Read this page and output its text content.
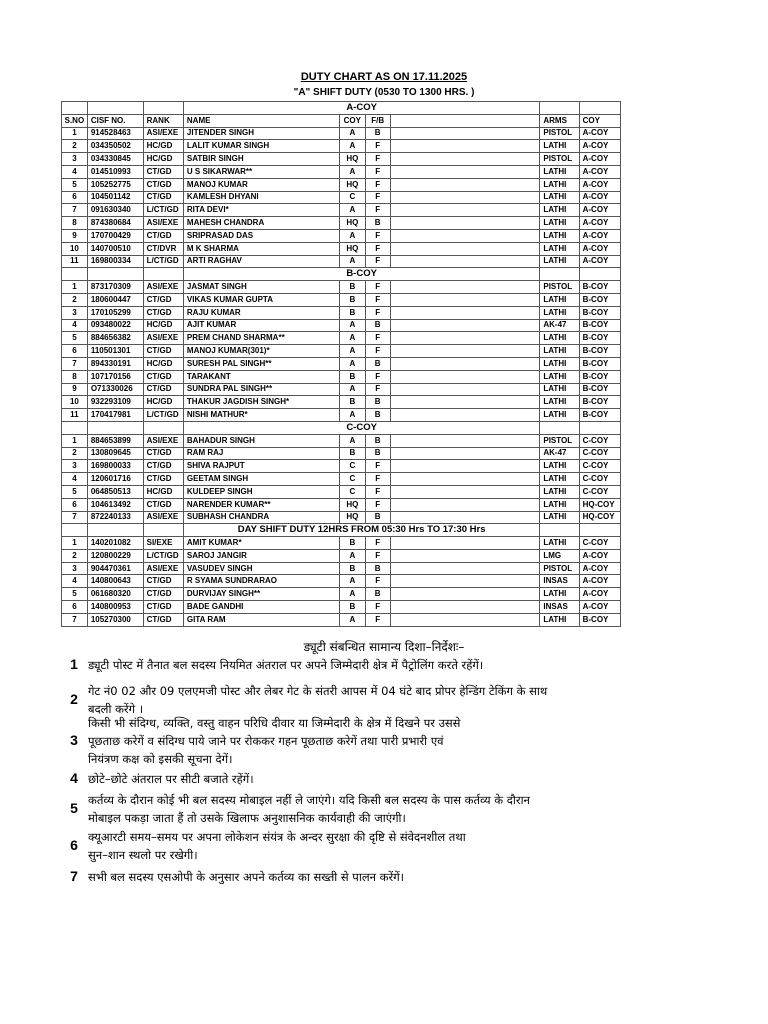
DUTY CHART AS ON 17.11.2025
"A" SHIFT DUTY (0530 TO 1300 HRS. )
			A-COY					
S.NO	CISF NO.	RANK	NAME	COY	F/B		ARMS	COY
1	914528463	ASI/EXE	JITENDER SINGH	A	B		PISTOL	A-COY
2	034350502	HC/GD	LALIT KUMAR SINGH	A	F		LATHI	A-COY
3	034330845	HC/GD	SATBIR SINGH	HQ	F		PISTOL	A-COY
4	014510993	CT/GD	U S SIKARWAR**	A	F		LATHI	A-COY
5	105252775	CT/GD	MANOJ KUMAR	HQ	F		LATHI	A-COY
6	104501142	CT/GD	KAMLESH DHYANI	C	F		LATHI	A-COY
7	091630340	L/CT/GD	RITA DEVI*	A	F		LATHI	A-COY
8	874380684	ASI/EXE	MAHESH CHANDRA	HQ	B		LATHI	A-COY
9	170700429	CT/GD	SRIPRASAD DAS	A	F		LATHI	A-COY
10	140700510	CT/DVR	M K SHARMA	HQ	F		LATHI	A-COY
11	169800334	L/CT/GD	ARTI RAGHAV	A	F		LATHI	A-COY
			B-COY					
1	873170309	ASI/EXE	JASMAT SINGH	B	F		PISTOL	B-COY
2	180600447	CT/GD	VIKAS KUMAR GUPTA	B	F		LATHI	B-COY
3	170105299	CT/GD	RAJU KUMAR	B	F		LATHI	B-COY
4	093480022	HC/GD	AJIT KUMAR	A	B		AK-47	B-COY
5	884656382	ASI/EXE	PREM CHAND SHARMA**	A	F		LATHI	B-COY
6	110501301	CT/GD	MANOJ KUMAR(301)*	A	F		LATHI	B-COY
7	894330191	HC/GD	SURESH PAL SINGH**	A	B		LATHI	B-COY
8	107170156	CT/GD	TARAKANT	B	F		LATHI	B-COY
9	O71330026	CT/GD	SUNDRA PAL SINGH**	A	F		LATHI	B-COY
10	932293109	HC/GD	THAKUR JAGDISH SINGH*	B	B		LATHI	B-COY
11	170417981	L/CT/GD	NISHI MATHUR*	A	B		LATHI	B-COY
			C-COY					
1	884653899	ASI/EXE	BAHADUR SINGH	A	B		PISTOL	C-COY
2	130809645	CT/GD	RAM RAJ	B	B		AK-47	C-COY
3	169800033	CT/GD	SHIVA RAJPUT	C	F		LATHI	C-COY
4	120601716	CT/GD	GEETAM SINGH	C	F		LATHI	C-COY
5	064850513	HC/GD	KULDEEP SINGH	C	F		LATHI	C-COY
6	104613492	CT/GD	NARENDER KUMAR**	HQ	F		LATHI	HQ-COY
7	872240133	ASI/EXE	SUBHASH CHANDRA	HQ	B		LATHI	HQ-COY
			DAY SHIFT DUTY 12HRS FROM 05:30 Hrs TO 17:30 Hrs					
1	140201082	SI/EXE	AMIT KUMAR*	B	F		LATHI	C-COY
2	120800229	L/CT/GD	SAROJ JANGIR	A	F		LMG	A-COY
3	904470361	ASI/EXE	VASUDEV SINGH	B	B		PISTOL	A-COY
4	140800643	CT/GD	R SYAMA SUNDRARAO	A	F		INSAS	A-COY
5	061680320	CT/GD	DURVIJAY SINGH**	A	B		LATHI	A-COY
6	140800953	CT/GD	BADE GANDHI	B	F		INSAS	A-COY
7	105270300	CT/GD	GITA RAM	A	F		LATHI	B-COY
ड्यूटी संबन्धित सामान्य दिशा–निर्देशः–
1 ड्यूटी पोस्ट में तैनात बल सदस्य नियमित अंतराल पर अपने जिम्मेदारी क्षेत्र में पैट्रोलिंग करते रहेंगें।
2 गेट नं0 02 और 09 एलएमजी पोस्ट और लेबर गेट के संतरी आपस में 04 घंटे बाद प्रोपर हेन्डिंग टेकिंग के साथ
बदली करेंगे ।
3
किसी भी संदिग्ध, व्यक्ति, वस्तु वाहन परिधि दीवार या जिम्मेदारी के क्षेत्र में दिखने पर उससे
पूछताछ करेगें व संदिग्ध पाये जाने पर रोककर गहन पूछताछ करेगें तथा पारी प्रभारी एवं
नियंत्रण कक्ष को इसकी सूचना देगें।
4 छोटे–छोटे अंतराल पर सीटी बजाते रहेंगें।
5 कर्तव्य के दौरान कोई भी बल सदस्य मोबाइल नहीं ले जाएंगे। यदि किसी बल सदस्य के पास कर्तव्य के दौरान
मोबाइल पकड़ा जाता हैं तो उसके खिलाफ अनुशासनिक कार्यवाही की जाएंगी।
6 क्यूआरटी समय–समय पर अपना लोकेशन संयंत्र के अन्दर सुरक्षा की दृष्टि से संवेदनशील तथा
सुन–शान स्थलो पर रखेगी।
7 सभी बल सदस्य एसओपी के अनुसार अपने कर्तव्य का सख्ती से पालन करेंगें।
